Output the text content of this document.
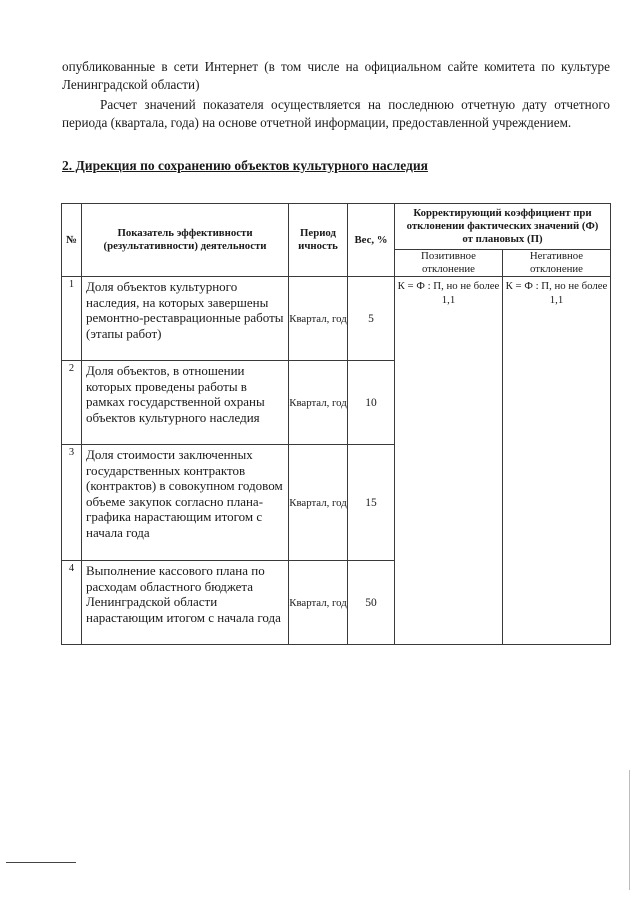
опубликованные в сети Интернет (в том числе на официальном сайте комитета по культуре Ленинградской области)

Расчет значений показателя осуществляется на последнюю отчетную дату отчетного периода (квартала, года) на основе отчетной информации, предоставленной учреждением.

2. Дирекция по сохранению объектов культурного наследия
№	Показатель эффективности (результативности) деятельности	Период ичность	Вес, %	Корректирующий коэффициент при отклонении фактических значений (Ф) от плановых (П)	
				Позитивное отклонение	Негативное отклонение
1	Доля объектов культурного наследия, на которых завершены ремонтно-реставрационные работы (этапы работ)	Квартал, год	5	К = Ф : П, но не более 1,1	К = Ф : П, но не более 1,1
2	Доля объектов, в отношении которых проведены работы в рамках государственной охраны объектов культурного наследия	Квартал, год	10		
3	Доля стоимости заключенных государственных контрактов (контрактов) в совокупном годовом объеме закупок согласно плана-графика нарастающим итогом с начала года	Квартал, год	15		
4	Выполнение кассового плана по расходам областного бюджета Ленинградской области нарастающим итогом с начала года	Квартал, год	50		
